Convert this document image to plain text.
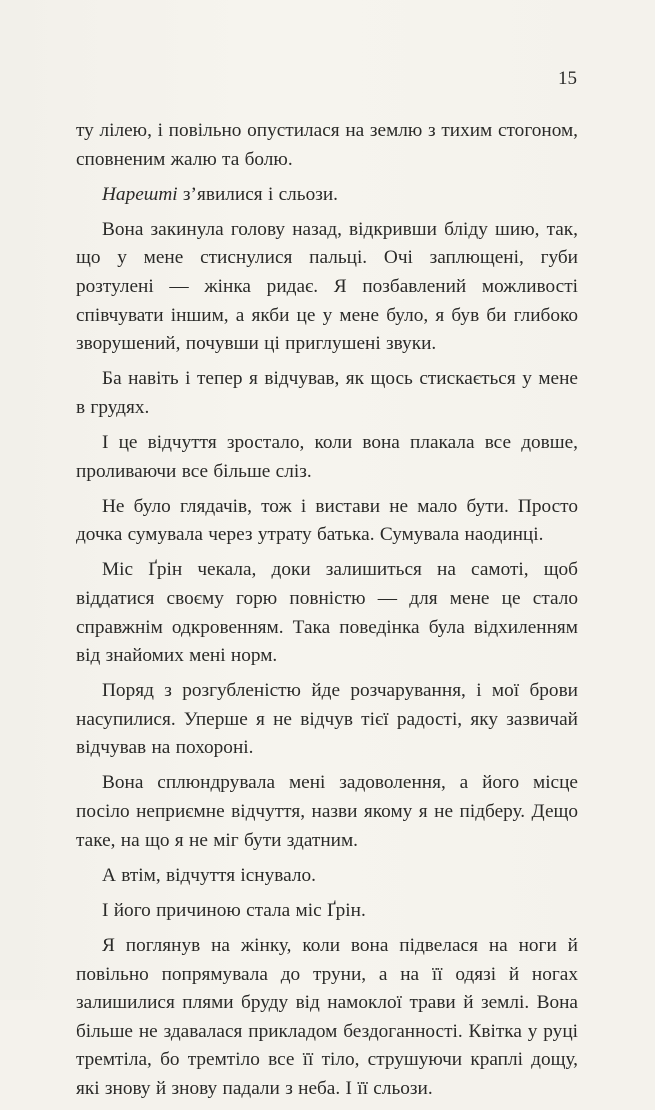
15

ту лілею, і повільно опустилася на землю з тихим стогоном, сповненим жалю та болю.

Нарешті з’явилися і сльози.

Вона закинула голову назад, відкривши бліду шию, так, що у мене стиснулися пальці. Очі заплющені, губи розтулені — жінка ридає. Я позбавлений можливості співчувати іншим, а якби це у мене було, я був би глибоко зворушений, почувши ці приглушені звуки.

Ба навіть і тепер я відчував, як щось стискається у мене в грудях.

І це відчуття зростало, коли вона плакала все довше, проливаючи все більше сліз.

Не було глядачів, тож і вистави не мало бути. Просто дочка сумувала через утрату батька. Сумувала наодинці.

Міс Ґрін чекала, доки залишиться на самоті, щоб віддатися своєму горю повністю — для мене це стало справжнім одкровенням. Така поведінка була відхиленням від знайомих мені норм.

Поряд з розгубленістю йде розчарування, і мої брови насупилися. Уперше я не відчув тієї радості, яку зазвичай відчував на похороні.

Вона сплюндрувала мені задоволення, а його місце посіло неприємне відчуття, назви якому я не підберу. Дещо таке, на що я не міг бути здатним.

А втім, відчуття існувало.

І його причиною стала міс Ґрін.

Я поглянув на жінку, коли вона підвелася на ноги й повільно попрямувала до труни, а на її одязі й ногах залишилися плями бруду від намоклої трави й землі. Вона більше не здавалася прикладом бездоганності. Квітка у руці тремтіла, бо тремтіло все її тіло, струшуючи краплі дощу, які знову й знову падали з неба. І її сльози.
